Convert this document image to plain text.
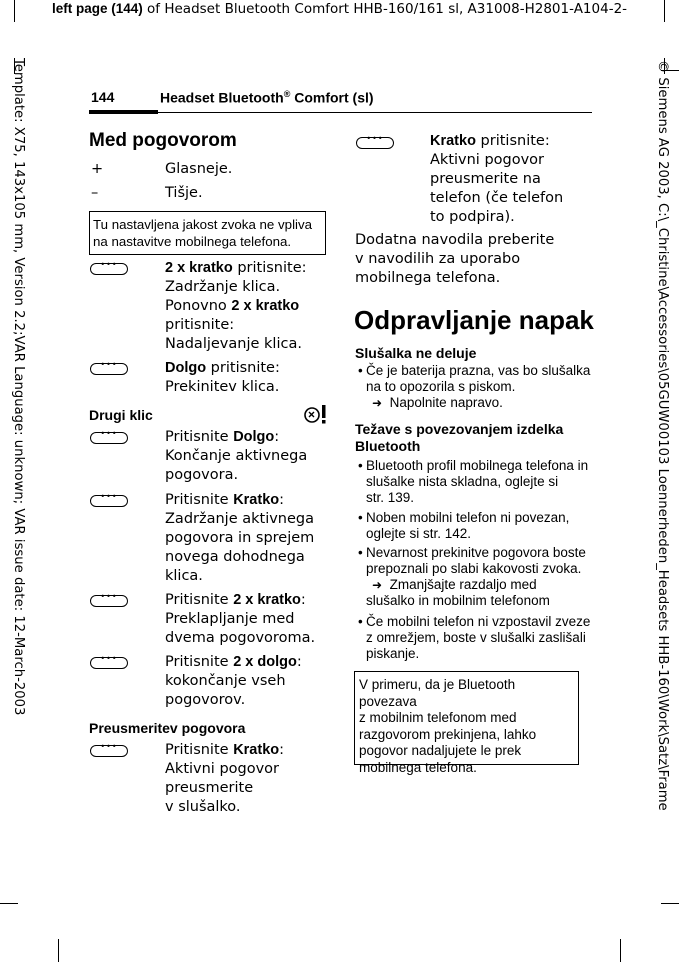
left page (144) of Headset Bluetooth Comfort HHB-160/161 sl, A31008-H2801-A104-2-
Template: X75, 143x105 mm, Version 2.2;VAR Language: unknown; VAR issue date: 12-March-2003	© Siemens AG 2003, C:\_Christine\Accessories\05GUW00103 Loennerheden_Headsets HHB-160\Work\Satz\Frame
144	Headset Bluetooth® Comfort (sl)
Med pogovorom
+	Glasneje.
–	Tišje.
Tu nastavljena jakost zvoka ne vpliva na nastavitve mobilnega telefona.
•••
2 x kratko pritisnite:
Zadržanje klica.
Ponovno 2 x kratko
pritisnite:
Nadaljevanje klica.
•••
Dolgo pritisnite:
Prekinitev klica.
Drugi klic
•••
Pritisnite Dolgo:
Končanje aktivnega
pogovora.
•••
Pritisnite Kratko:
Zadržanje aktivnega
pogovora in sprejem
novega dohodnega
klica.
•••
Pritisnite 2 x kratko:
Preklapljanje med
dvema pogovoroma.
•••
Pritisnite 2 x dolgo:
kokončanje vseh
pogovorov.
Preusmeritev pogovora
•••
Pritisnite Kratko:
Aktivni pogovor
preusmerite
v slušalko.
•••
Kratko pritisnite:
Aktivni pogovor
preusmerite na
telefon (če telefon
to podpira).
Dodatna navodila preberite
v navodilih za uporabo
mobilnega telefona.
Odpravljanje napak
Slušalka ne deluje
• Če je baterija prazna, vas bo slušalka
na to opozorila s piskom.
➜ Napolnite napravo.
Težave s povezovanjem izdelka
Bluetooth
• Bluetooth profil mobilnega telefona in
slušalke nista skladna, oglejte si
str. 139.
• Noben mobilni telefon ni povezan,
oglejte si str. 142.
• Nevarnost prekinitve pogovora boste
prepoznali po slabi kakovosti zvoka.
➜ Zmanjšajte razdaljo med
slušalko in mobilnim telefonom
• Če mobilni telefon ni vzpostavil zveze
z omrežjem, boste v slušalki zaslišali
piskanje.
V primeru, da je Bluetooth povezava
z mobilnim telefonom med
razgovorom prekinjena, lahko
pogovor nadaljujete le prek
mobilnega telefona.
